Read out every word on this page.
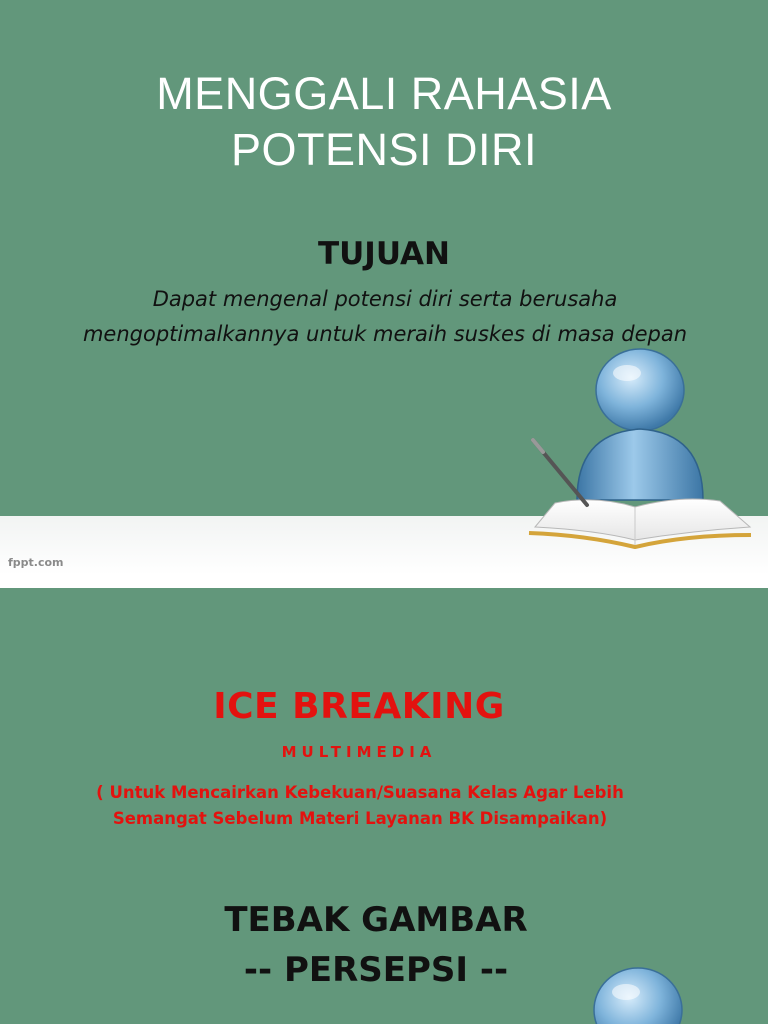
MENGGALI RAHASIA
POTENSI DIRI
TUJUAN
Dapat mengenal potensi diri serta berusaha mengoptimalkannya untuk meraih suskes di masa depan
fppt.com
ICE BREAKING
MULTIMEDIA
( Untuk Mencairkan Kebekuan/Suasana Kelas Agar Lebih Semangat Sebelum Materi Layanan BK Disampaikan)
TEBAK GAMBAR
-- PERSEPSI --
